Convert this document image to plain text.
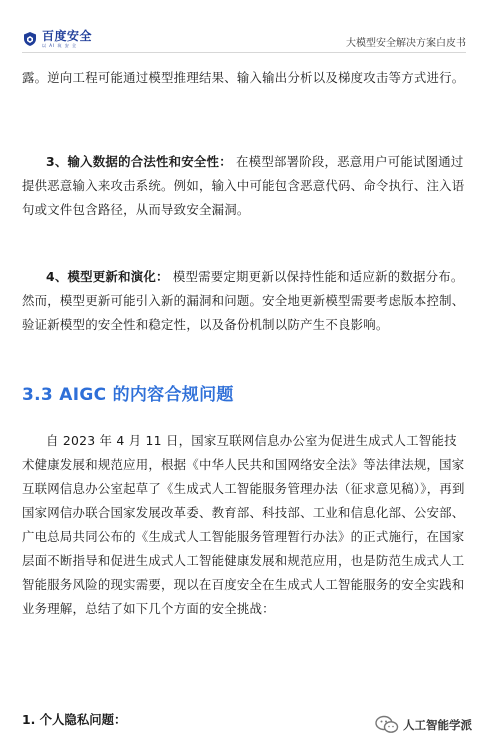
百度安全
以 AI 筑 安 全	大模型安全解决方案白皮书
露。逆向工程可能通过模型推理结果、输入输出分析以及梯度攻击等方式进行。
3、输入数据的合法性和安全性： 在模型部署阶段，恶意用户可能试图通过提供恶意输入来攻击系统。例如，输入中可能包含恶意代码、命令执行、注入语句或文件包含路径，从而导致安全漏洞。
4、模型更新和演化： 模型需要定期更新以保持性能和适应新的数据分布。然而，模型更新可能引入新的漏洞和问题。安全地更新模型需要考虑版本控制、验证新模型的安全性和稳定性，以及备份机制以防产生不良影响。
3.3 AIGC 的内容合规问题
自 2023 年 4 月 11 日，国家互联网信息办公室为促进生成式人工智能技术健康发展和规范应用，根据《中华人民共和国网络安全法》等法律法规，国家互联网信息办公室起草了《生成式人工智能服务管理办法（征求意见稿）》，再到国家网信办联合国家发展改革委、教育部、科技部、工业和信息化部、公安部、广电总局共同公布的《生成式人工智能服务管理暂行办法》的正式施行，在国家层面不断指导和促进生成式人工智能健康发展和规范应用，也是防范生成式人工智能服务风险的现实需要，现以在百度安全在生成式人工智能服务的安全实践和业务理解，总结了如下几个方面的安全挑战：
1. 个人隐私问题：	人工智能学派
